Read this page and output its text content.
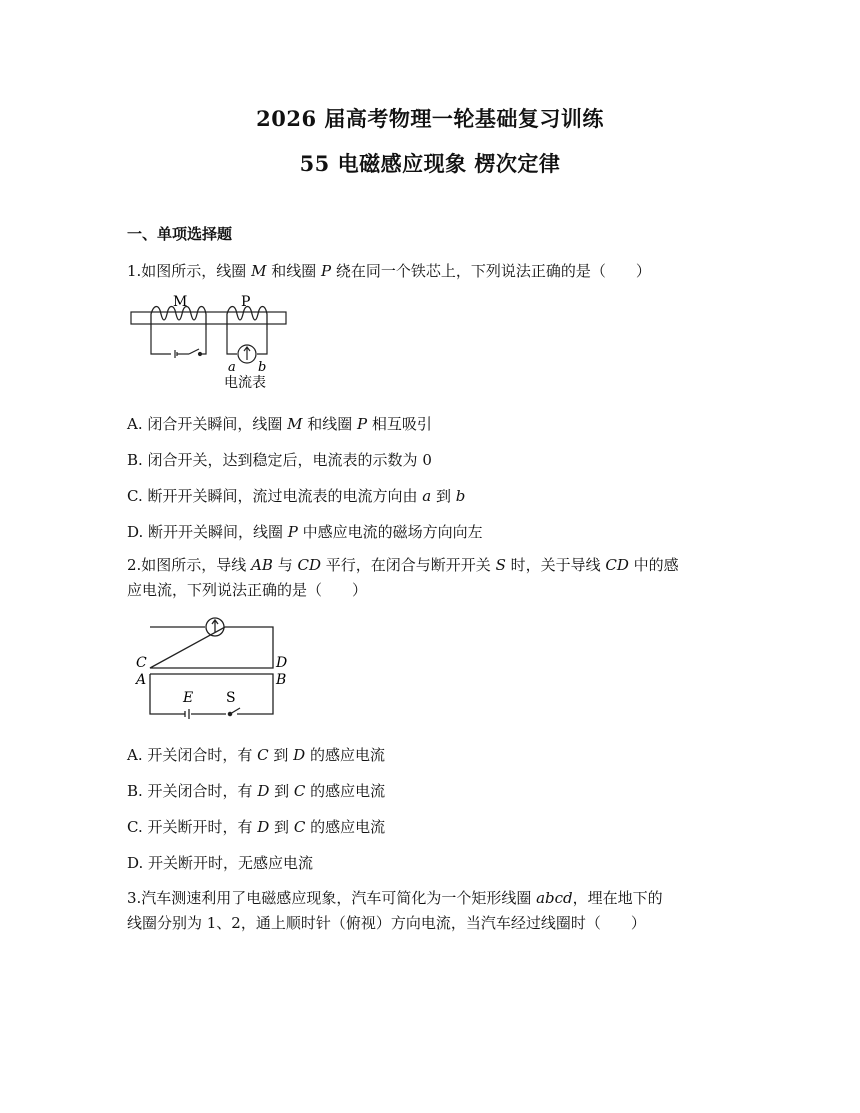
2026 届高考物理一轮基础复习训练
55 电磁感应现象 楞次定律
一、单项选择题
1.如图所示，线圈 M 和线圈 P 绕在同一个铁芯上，下列说法正确的是（　　）
M	P
a b
电流表
A. 闭合开关瞬间，线圈 M 和线圈 P 相互吸引
B. 闭合开关，达到稳定后，电流表的示数为 0
C. 断开开关瞬间，流过电流表的电流方向由 a 到 b
D. 断开开关瞬间，线圈 P 中感应电流的磁场方向向左
2.如图所示，导线 AB 与 CD 平行，在闭合与断开开关 S 时，关于导线 CD 中的感
应电流，下列说法正确的是（　　）
C	D
A	B
E S
A. 开关闭合时，有 C 到 D 的感应电流
B. 开关闭合时，有 D 到 C 的感应电流
C. 开关断开时，有 D 到 C 的感应电流
D. 开关断开时，无感应电流
3.汽车测速利用了电磁感应现象，汽车可简化为一个矩形线圈 abcd，埋在地下的
线圈分别为 1、2，通上顺时针（俯视）方向电流，当汽车经过线圈时（　　）
